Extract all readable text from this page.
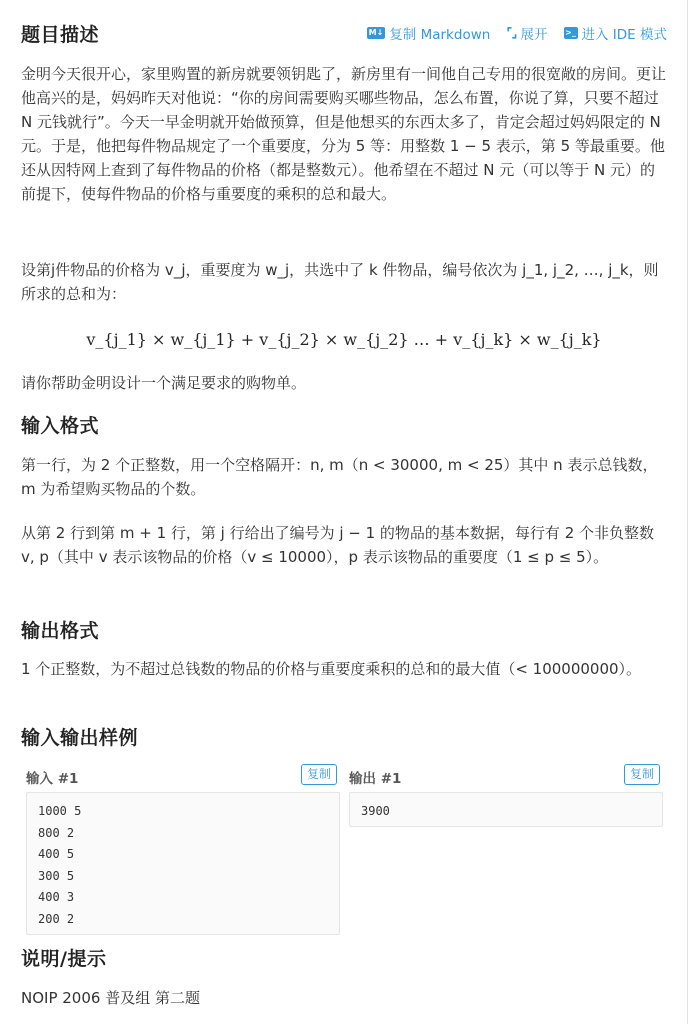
题目描述	M↓ 复制 Markdown ⌜⌟ 展开 >_ 进入 IDE 模式

金明今天很开心，家里购置的新房就要领钥匙了，新房里有一间他自己专用的很宽敞的房间。更让他高兴的是，妈妈昨天对他说：“你的房间需要购买哪些物品，怎么布置，你说了算，只要不超过 N 元钱就行”。今天一早金明就开始做预算，但是他想买的东西太多了，肯定会超过妈妈限定的 N 元。于是，他把每件物品规定了一个重要度，分为 5 等：用整数 1 − 5 表示，第 5 等最重要。他还从因特网上查到了每件物品的价格（都是整数元）。他希望在不超过 N 元（可以等于 N 元）的前提下，使每件物品的价格与重要度的乘积的总和最大。

设第j件物品的价格为 v_j，重要度为 w_j，共选中了 k 件物品，编号依次为 j_1, j_2, …, j_k，则所求的总和为：

v_{j_1} × w_{j_1} + v_{j_2} × w_{j_2} … + v_{j_k} × w_{j_k}

请你帮助金明设计一个满足要求的购物单。

输入格式

第一行，为 2 个正整数，用一个空格隔开：n, m（n < 30000, m < 25）其中 n 表示总钱数，m 为希望购买物品的个数。

从第 2 行到第 m + 1 行，第 j 行给出了编号为 j − 1 的物品的基本数据，每行有 2 个非负整数 v, p（其中 v 表示该物品的价格（v ≤ 10000），p 表示该物品的重要度（1 ≤ p ≤ 5）。

输出格式

1 个正整数，为不超过总钱数的物品的价格与重要度乘积的总和的最大值（< 100000000）。

输入输出样例
输入 #1	复制
1000 5
800 2
400 5
300 5
400 3
200 2
输出 #1	复制
3900
说明/提示

NOIP 2006 普及组 第二题
